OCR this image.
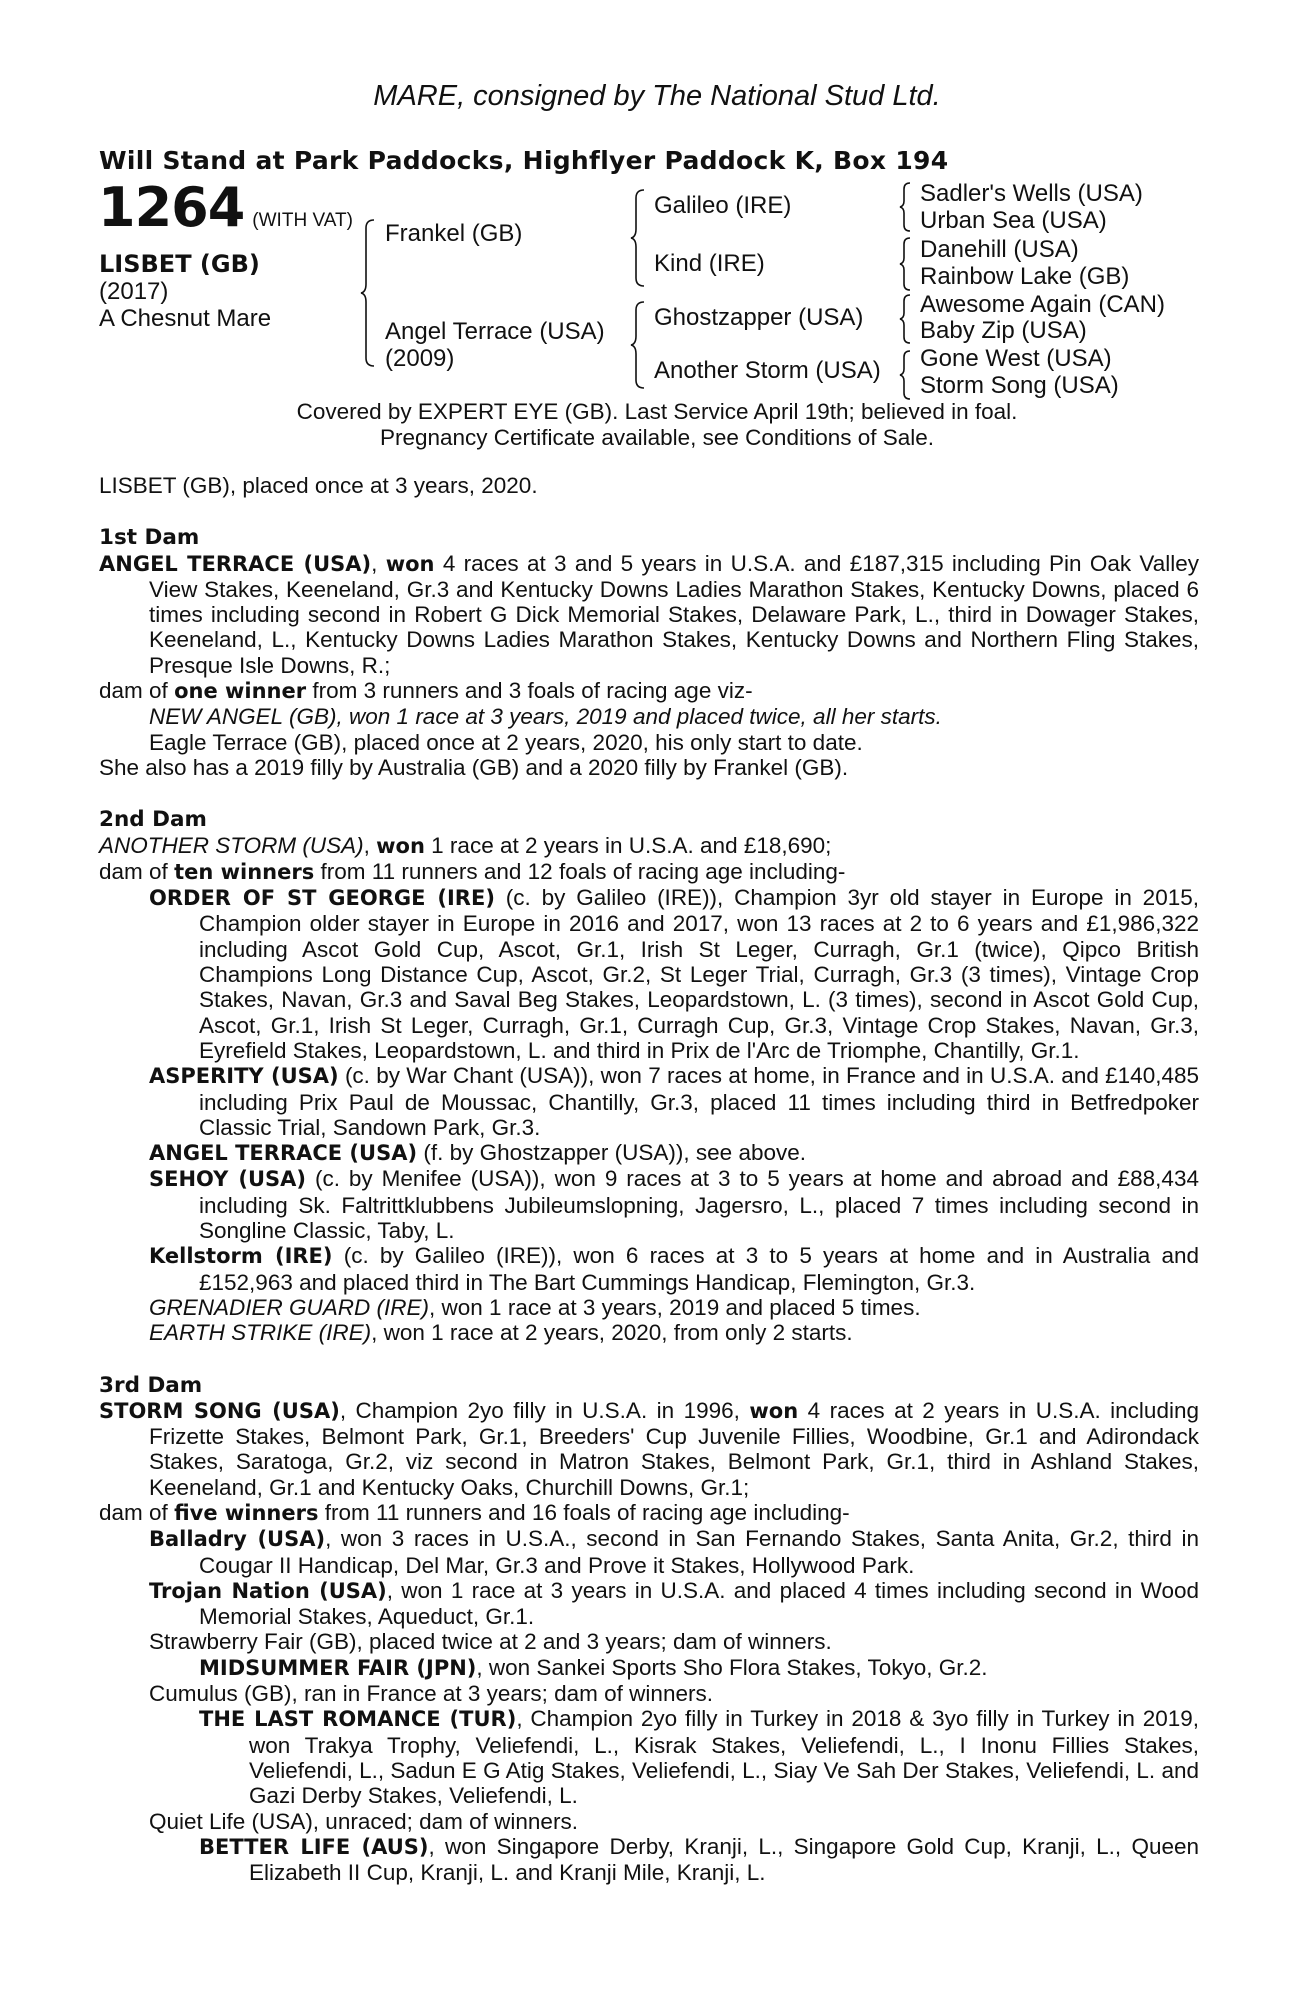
MARE, consigned by The National Stud Ltd.
Will Stand at Park Paddocks, Highflyer Paddock K, Box 194
1264 (WITH VAT)
LISBET (GB)
(2017)
A Chesnut Mare
Frankel (GB)
Angel Terrace (USA)
(2009)
Galileo (IRE)
Kind (IRE)
Ghostzapper (USA)
Another Storm (USA)
Sadler's Wells (USA)
Urban Sea (USA)
Danehill (USA)
Rainbow Lake (GB)
Awesome Again (CAN)
Baby Zip (USA)
Gone West (USA)
Storm Song (USA)
Covered by EXPERT EYE (GB). Last Service April 19th; believed in foal.
Pregnancy Certificate available, see Conditions of Sale.

LISBET (GB), placed once at 3 years, 2020.

1st Dam

ANGEL TERRACE (USA), won 4 races at 3 and 5 years in U.S.A. and £187,315 including Pin Oak Valley View Stakes, Keeneland, Gr.3 and Kentucky Downs Ladies Marathon Stakes, Kentucky Downs, placed 6 times including second in Robert G Dick Memorial Stakes, Delaware Park, L., third in Dowager Stakes, Keeneland, L., Kentucky Downs Ladies Marathon Stakes, Kentucky Downs and Northern Fling Stakes, Presque Isle Downs, R.;

dam of one winner from 3 runners and 3 foals of racing age viz-

NEW ANGEL (GB), won 1 race at 3 years, 2019 and placed twice, all her starts.

Eagle Terrace (GB), placed once at 2 years, 2020, his only start to date.

She also has a 2019 filly by Australia (GB) and a 2020 filly by Frankel (GB).

2nd Dam

ANOTHER STORM (USA), won 1 race at 2 years in U.S.A. and £18,690;

dam of ten winners from 11 runners and 12 foals of racing age including-

ORDER OF ST GEORGE (IRE) (c. by Galileo (IRE)), Champion 3yr old stayer in Europe in 2015, Champion older stayer in Europe in 2016 and 2017, won 13 races at 2 to 6 years and £1,986,322 including Ascot Gold Cup, Ascot, Gr.1, Irish St Leger, Curragh, Gr.1 (twice), Qipco British Champions Long Distance Cup, Ascot, Gr.2, St Leger Trial, Curragh, Gr.3 (3 times), Vintage Crop Stakes, Navan, Gr.3 and Saval Beg Stakes, Leopardstown, L. (3 times), second in Ascot Gold Cup, Ascot, Gr.1, Irish St Leger, Curragh, Gr.1, Curragh Cup, Gr.3, Vintage Crop Stakes, Navan, Gr.3, Eyrefield Stakes, Leopardstown, L. and third in Prix de l'Arc de Triomphe, Chantilly, Gr.1.

ASPERITY (USA) (c. by War Chant (USA)), won 7 races at home, in France and in U.S.A. and £140,485 including Prix Paul de Moussac, Chantilly, Gr.3, placed 11 times including third in Betfredpoker Classic Trial, Sandown Park, Gr.3.

ANGEL TERRACE (USA) (f. by Ghostzapper (USA)), see above.

SEHOY (USA) (c. by Menifee (USA)), won 9 races at 3 to 5 years at home and abroad and £88,434 including Sk. Faltrittklubbens Jubileumslopning, Jagersro, L., placed 7 times including second in Songline Classic, Taby, L.

Kellstorm (IRE) (c. by Galileo (IRE)), won 6 races at 3 to 5 years at home and in Australia and £152,963 and placed third in The Bart Cummings Handicap, Flemington, Gr.3.

GRENADIER GUARD (IRE), won 1 race at 3 years, 2019 and placed 5 times.

EARTH STRIKE (IRE), won 1 race at 2 years, 2020, from only 2 starts.

3rd Dam

STORM SONG (USA), Champion 2yo filly in U.S.A. in 1996, won 4 races at 2 years in U.S.A. including Frizette Stakes, Belmont Park, Gr.1, Breeders' Cup Juvenile Fillies, Woodbine, Gr.1 and Adirondack Stakes, Saratoga, Gr.2, viz second in Matron Stakes, Belmont Park, Gr.1, third in Ashland Stakes, Keeneland, Gr.1 and Kentucky Oaks, Churchill Downs, Gr.1;

dam of five winners from 11 runners and 16 foals of racing age including-

Balladry (USA), won 3 races in U.S.A., second in San Fernando Stakes, Santa Anita, Gr.2, third in Cougar II Handicap, Del Mar, Gr.3 and Prove it Stakes, Hollywood Park.

Trojan Nation (USA), won 1 race at 3 years in U.S.A. and placed 4 times including second in Wood Memorial Stakes, Aqueduct, Gr.1.

Strawberry Fair (GB), placed twice at 2 and 3 years; dam of winners.

MIDSUMMER FAIR (JPN), won Sankei Sports Sho Flora Stakes, Tokyo, Gr.2.

Cumulus (GB), ran in France at 3 years; dam of winners.

THE LAST ROMANCE (TUR), Champion 2yo filly in Turkey in 2018 & 3yo filly in Turkey in 2019, won Trakya Trophy, Veliefendi, L., Kisrak Stakes, Veliefendi, L., I Inonu Fillies Stakes, Veliefendi, L., Sadun E G Atig Stakes, Veliefendi, L., Siay Ve Sah Der Stakes, Veliefendi, L. and Gazi Derby Stakes, Veliefendi, L.

Quiet Life (USA), unraced; dam of winners.

BETTER LIFE (AUS), won Singapore Derby, Kranji, L., Singapore Gold Cup, Kranji, L., Queen Elizabeth II Cup, Kranji, L. and Kranji Mile, Kranji, L.
